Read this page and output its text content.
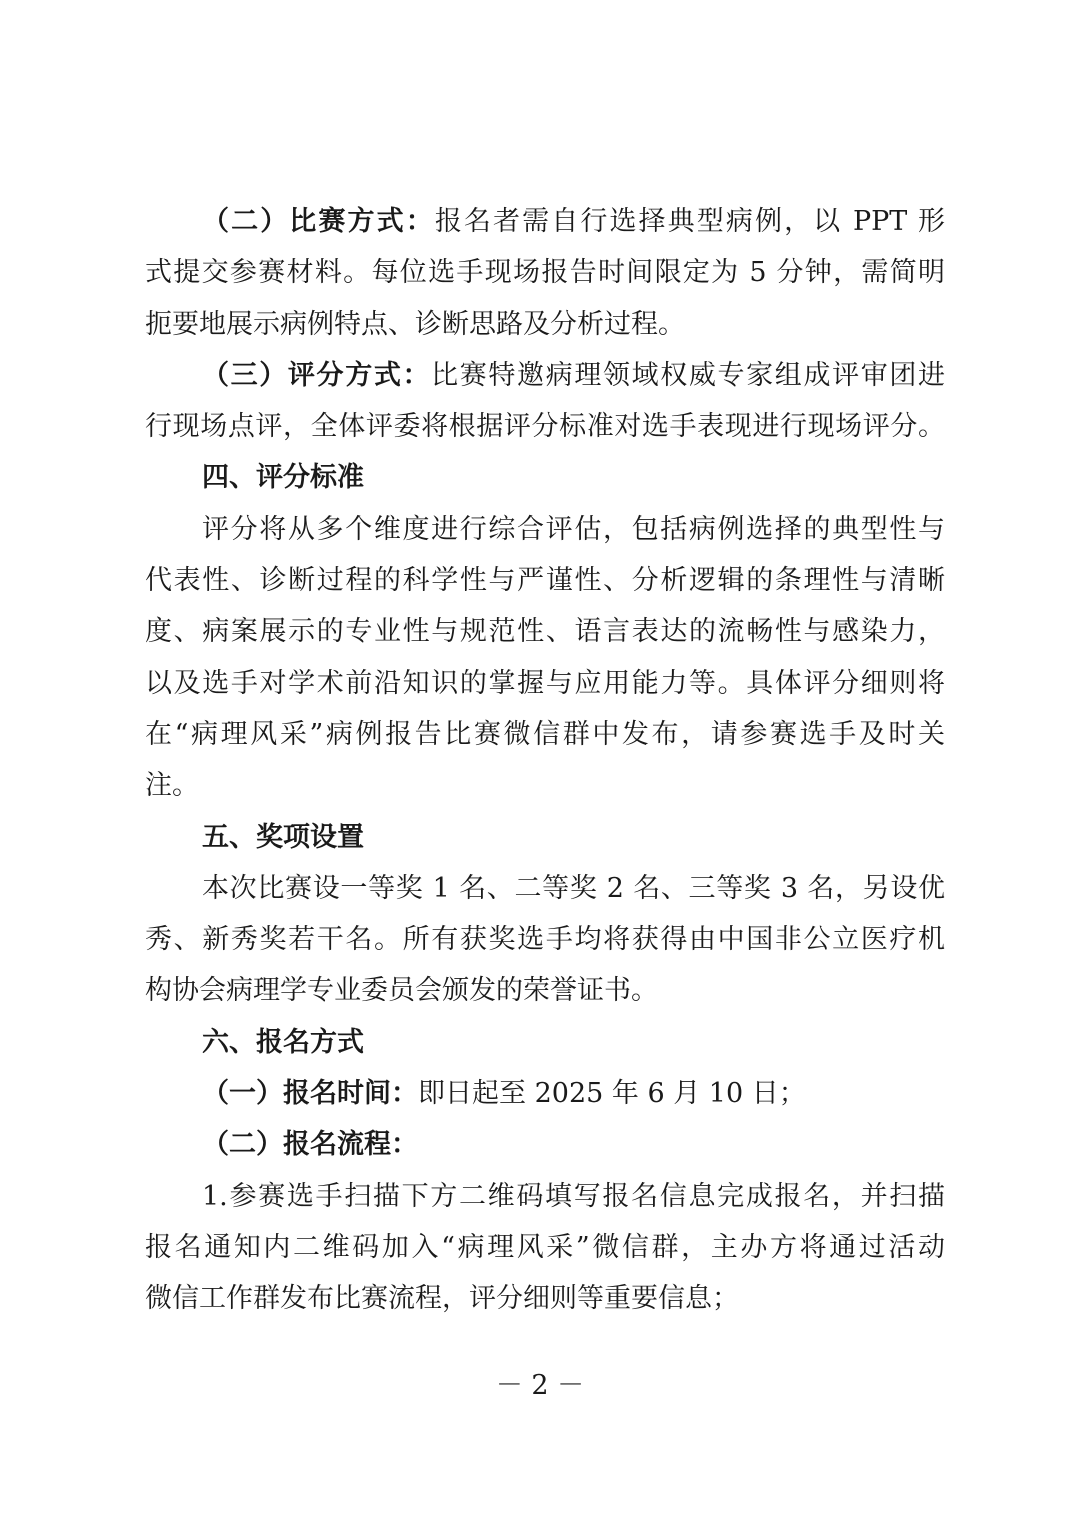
（二）比赛方式：报名者需自行选择典型病例，以 PPT 形
式提交参赛材料。每位选手现场报告时间限定为 5 分钟，需简明
扼要地展示病例特点、诊断思路及分析过程。
（三）评分方式：比赛特邀病理领域权威专家组成评审团进
行现场点评，全体评委将根据评分标准对选手表现进行现场评分。
四、评分标准
评分将从多个维度进行综合评估，包括病例选择的典型性与
代表性、诊断过程的科学性与严谨性、分析逻辑的条理性与清晰
度、病案展示的专业性与规范性、语言表达的流畅性与感染力，
以及选手对学术前沿知识的掌握与应用能力等。具体评分细则将
在“病理风采”病例报告比赛微信群中发布，请参赛选手及时关
注。
五、奖项设置
本次比赛设一等奖 1 名、二等奖 2 名、三等奖 3 名，另设优
秀、新秀奖若干名。所有获奖选手均将获得由中国非公立医疗机
构协会病理学专业委员会颁发的荣誉证书。
六、报名方式
（一）报名时间：即日起至 2025 年 6 月 10 日；
（二）报名流程：
1.参赛选手扫描下方二维码填写报名信息完成报名，并扫描
报名通知内二维码加入“病理风采”微信群，主办方将通过活动
微信工作群发布比赛流程，评分细则等重要信息；
－ 2 －
